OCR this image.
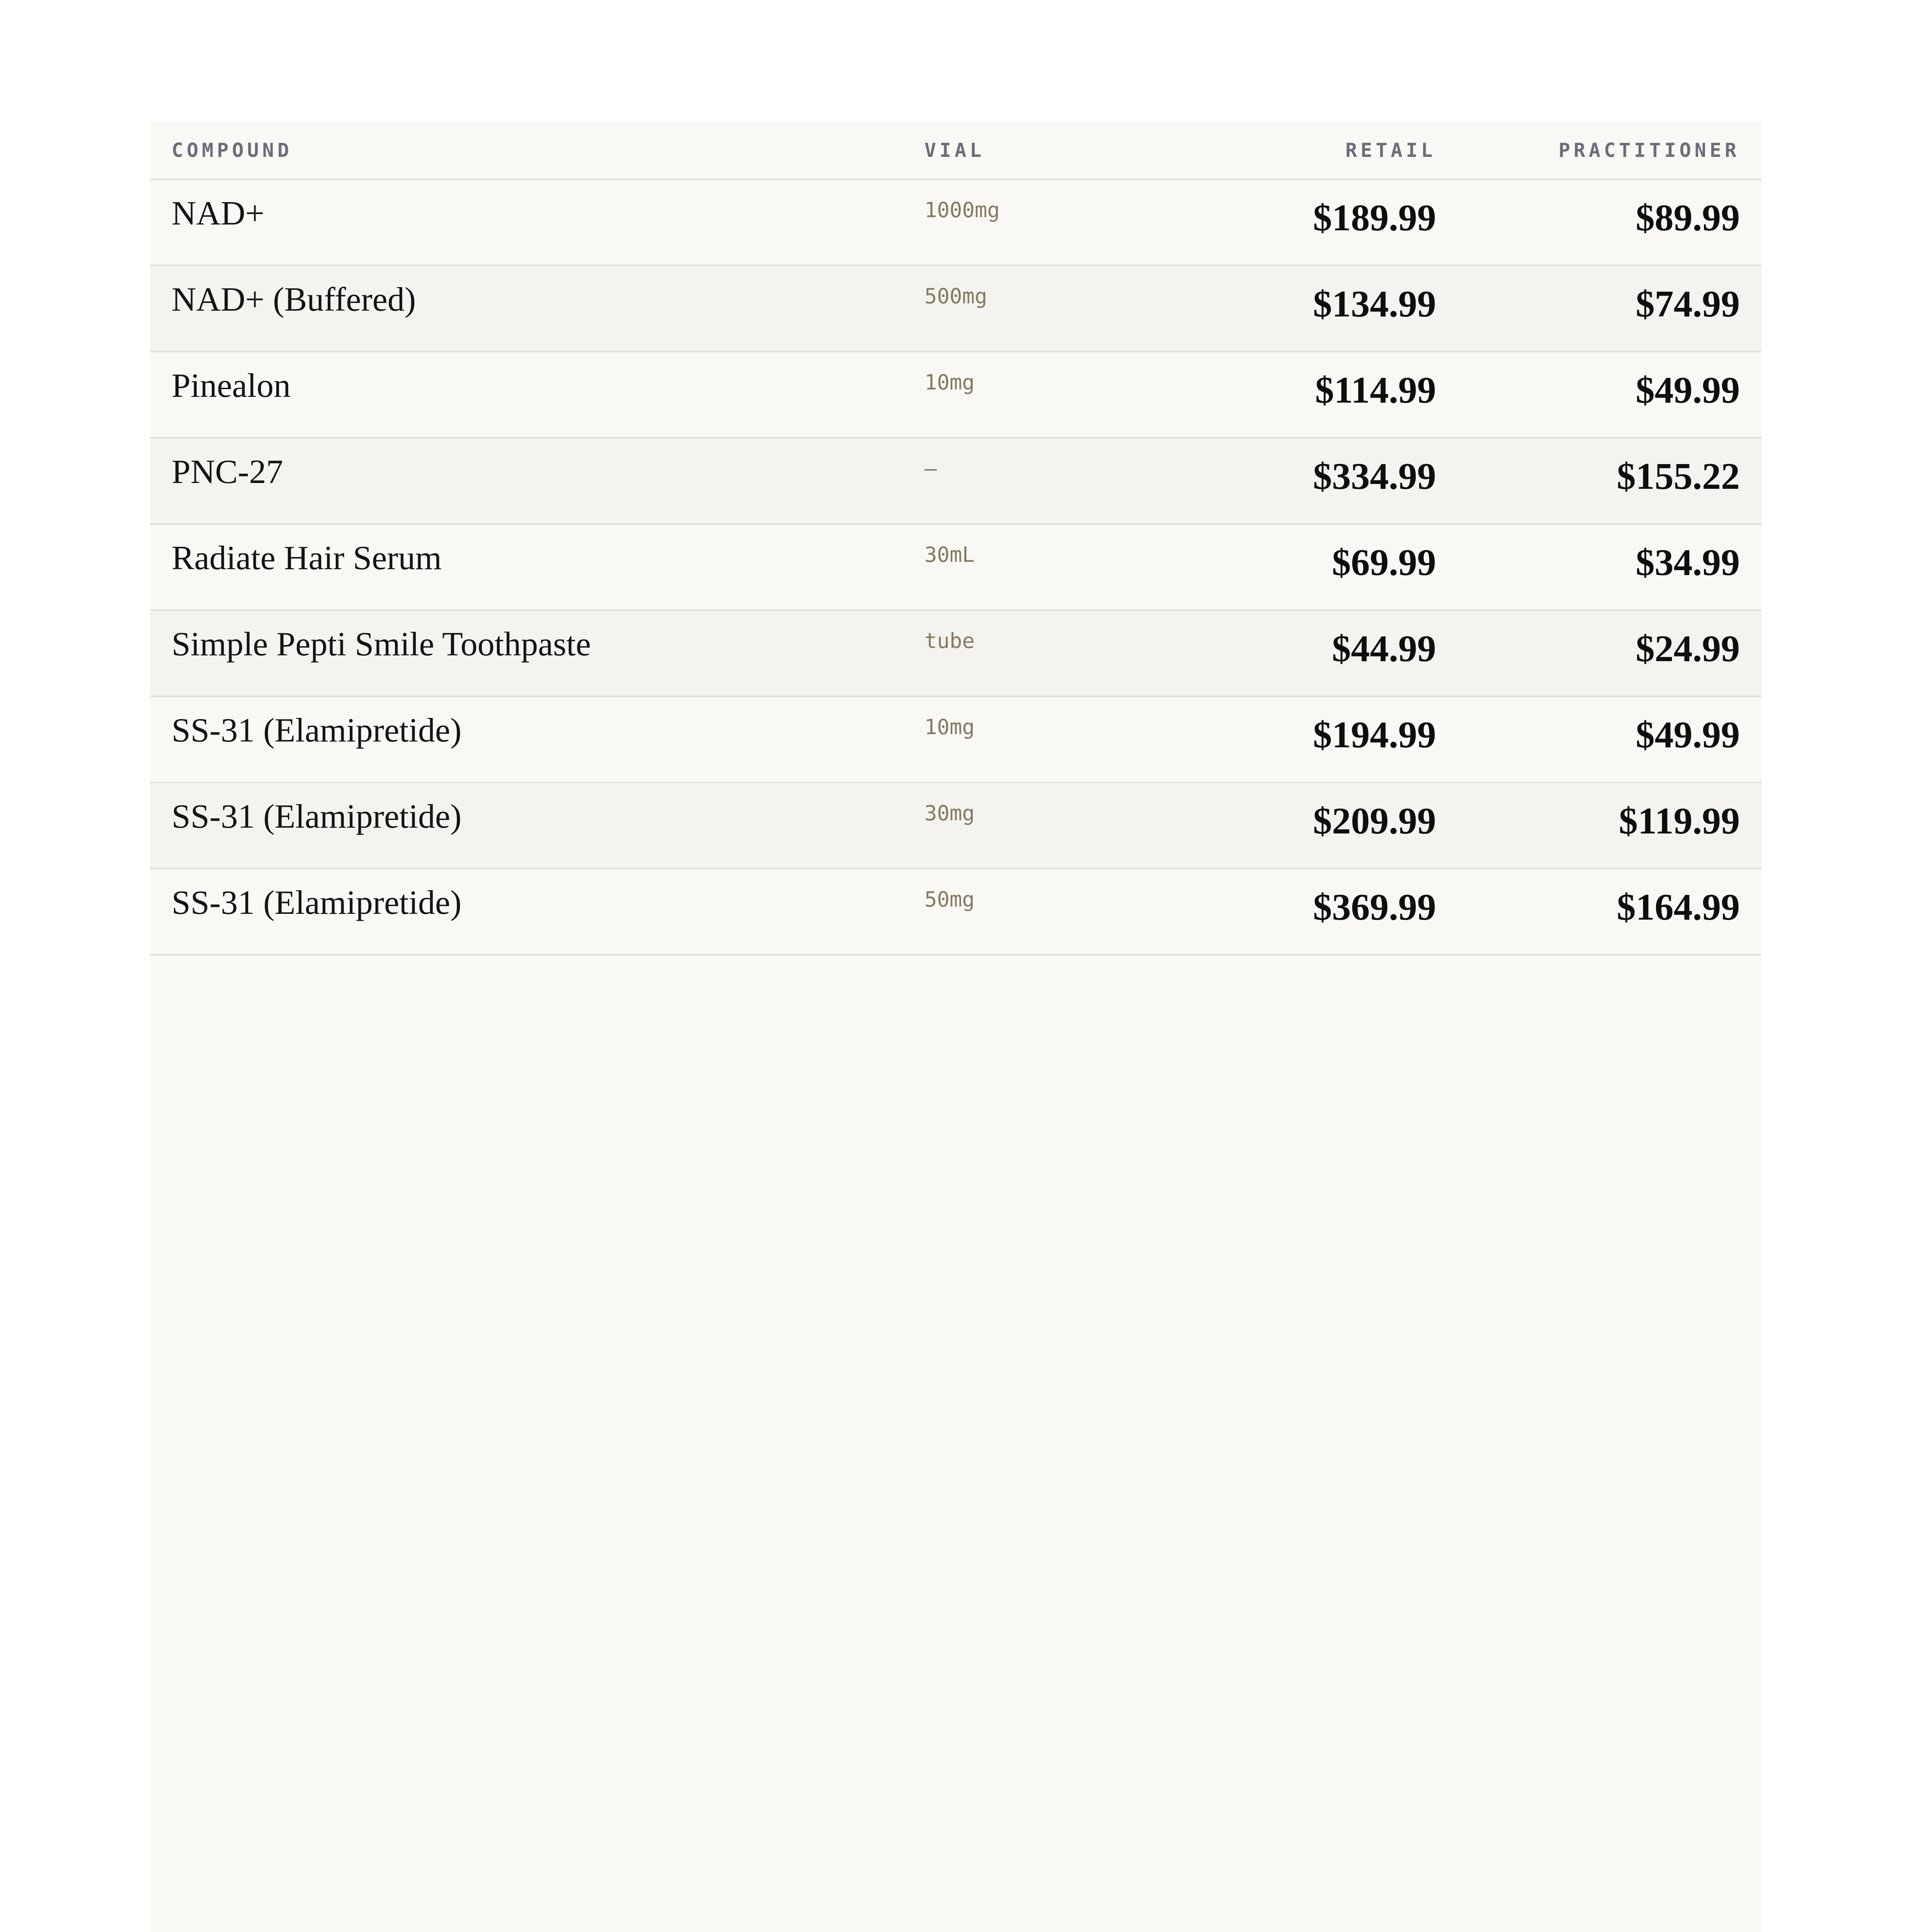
COMPOUND	VIAL	RETAIL	PRACTITIONER
NAD+	1000mg	$189.99	$89.99
NAD+ (Buffered)	500mg	$134.99	$74.99
Pinealon	10mg	$114.99	$49.99
PNC-27	—	$334.99	$155.22
Radiate Hair Serum	30mL	$69.99	$34.99
Simple Pepti Smile Toothpaste	tube	$44.99	$24.99
SS-31 (Elamipretide)	10mg	$194.99	$49.99
SS-31 (Elamipretide)	30mg	$209.99	$119.99
SS-31 (Elamipretide)	50mg	$369.99	$164.99
